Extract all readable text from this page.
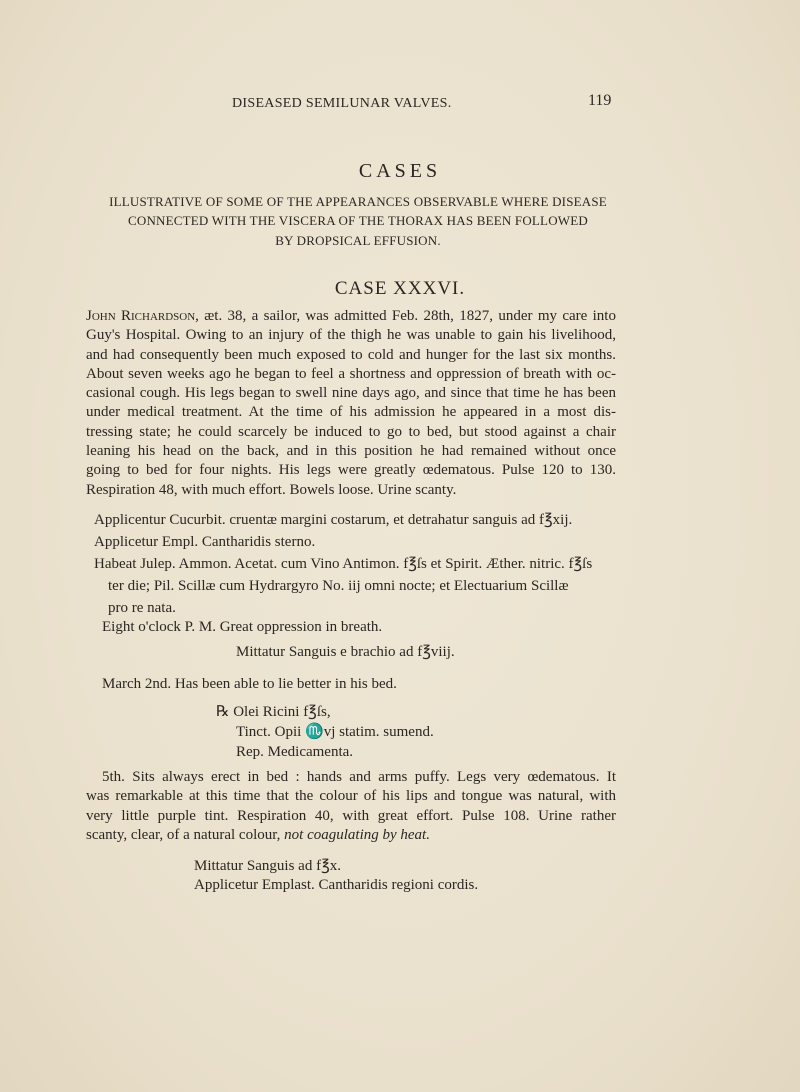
DISEASED SEMILUNAR VALVES.	119
CASES
ILLUSTRATIVE OF SOME OF THE APPEARANCES OBSERVABLE WHERE DISEASE
CONNECTED WITH THE VISCERA OF THE THORAX HAS BEEN FOLLOWED
BY DROPSICAL EFFUSION.
CASE XXXVI.
John Richardson, æt. 38, a sailor, was admitted Feb. 28th, 1827, under my care into
Guy's Hospital. Owing to an injury of the thigh he was unable to gain his livelihood,
and had consequently been much exposed to cold and hunger for the last six months.
About seven weeks ago he began to feel a shortness and oppression of breath with oc-
casional cough. His legs began to swell nine days ago, and since that time he has been
under medical treatment. At the time of his admission he appeared in a most dis-
tressing state; he could scarcely be induced to go to bed, but stood against a chair
leaning his head on the back, and in this position he had remained without once
going to bed for four nights. His legs were greatly œdematous. Pulse 120 to 130.
Respiration 48, with much effort. Bowels loose. Urine scanty.
Applicentur Cucurbit. cruentæ margini costarum, et detrahatur sanguis ad f℥xij.
Applicetur Empl. Cantharidis sterno.
Habeat Julep. Ammon. Acetat. cum Vino Antimon. f℥ſs et Spirit. Æther. nitric. f℥ſs
ter die; Pil. Scillæ cum Hydrargyro No. iij omni nocte; et Electuarium Scillæ
pro re nata.
Eight o'clock P. M. Great oppression in breath.
Mittatur Sanguis e brachio ad f℥viij.
March 2nd. Has been able to lie better in his bed.
℞ Olei Ricini f℥ſs,
Tinct. Opii ♏vj statim. sumend.
Rep. Medicamenta.
5th. Sits always erect in bed : hands and arms puffy. Legs very œdematous. It
was remarkable at this time that the colour of his lips and tongue was natural, with
very little purple tint. Respiration 40, with great effort. Pulse 108. Urine rather
scanty, clear, of a natural colour, not coagulating by heat.
Mittatur Sanguis ad f℥x.
Applicetur Emplast. Cantharidis regioni cordis.
